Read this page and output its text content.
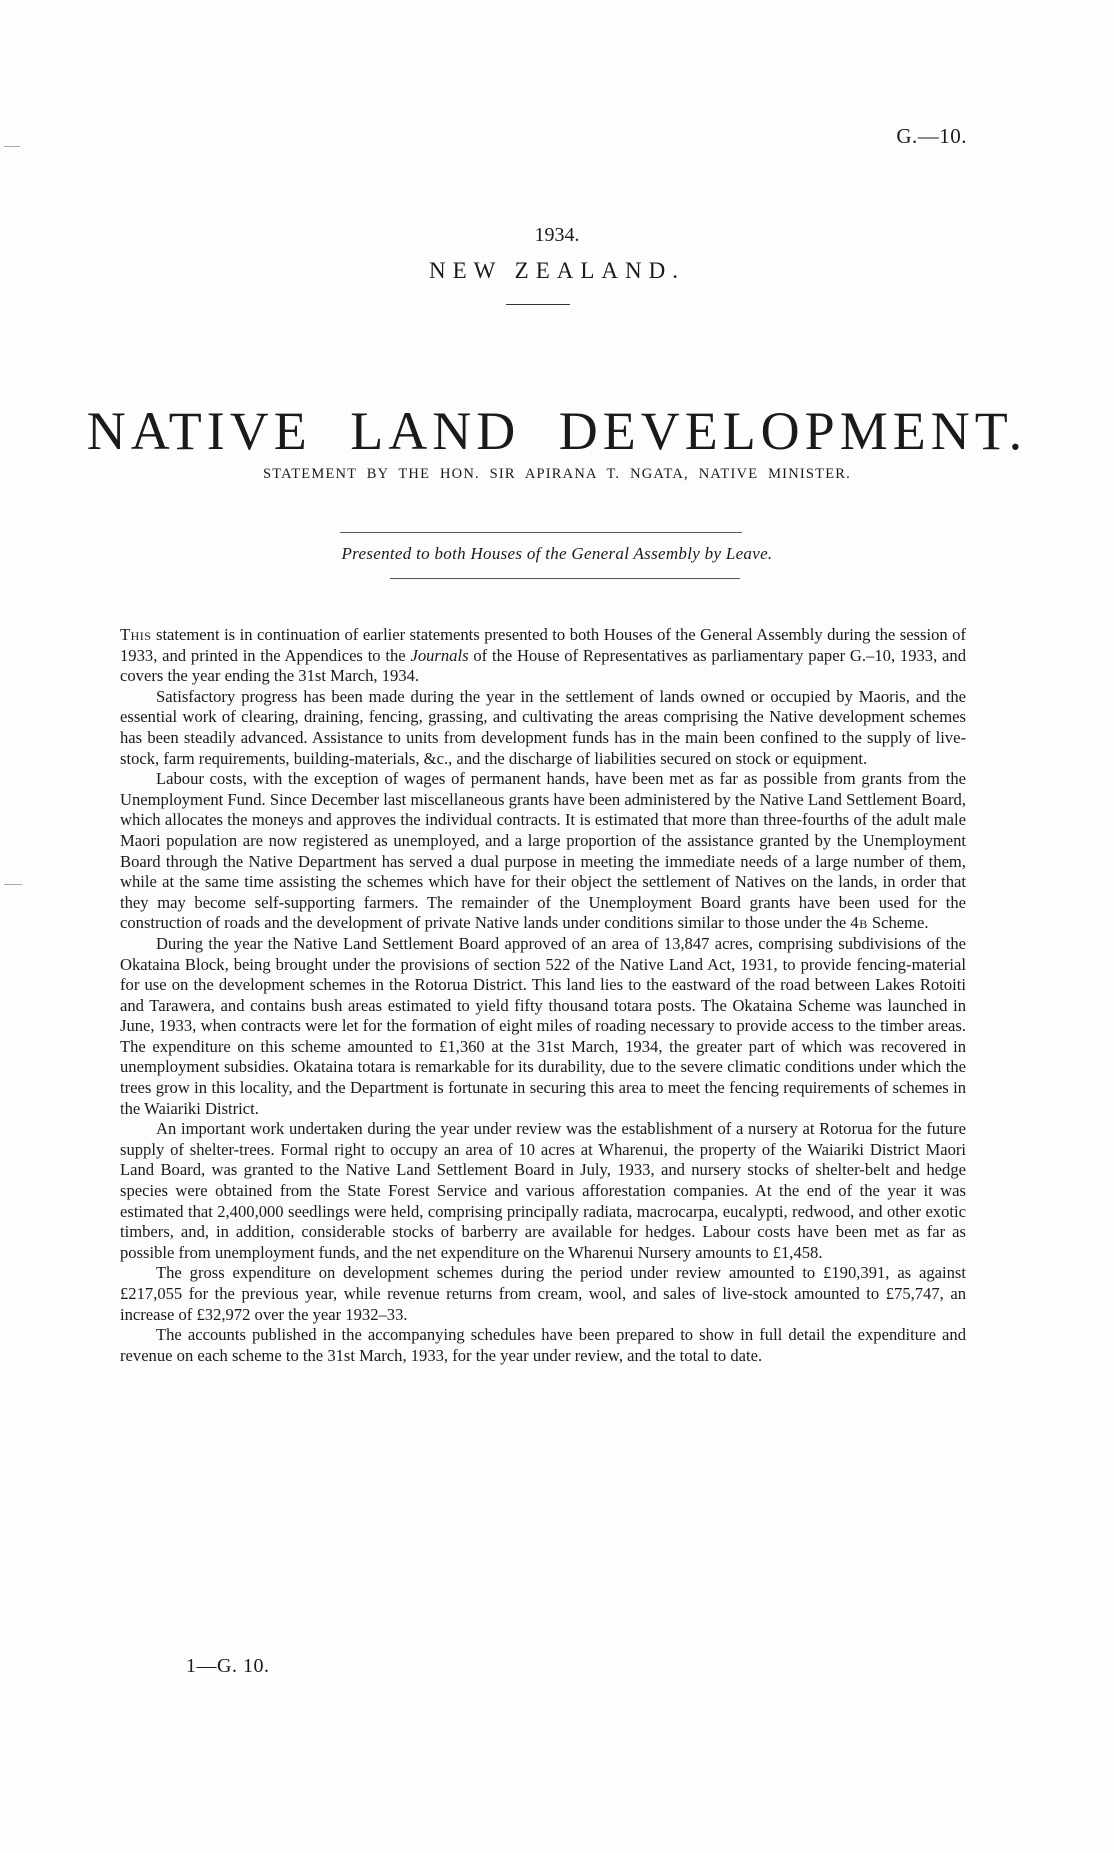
G.—10.
1934.
NEW ZEALAND.
NATIVE LAND DEVELOPMENT.
STATEMENT BY THE HON. SIR APIRANA T. NGATA, NATIVE MINISTER.
Presented to both Houses of the General Assembly by Leave.

This statement is in continuation of earlier statements presented to both Houses of the General Assembly during the session of 1933, and printed in the Appendices to the Journals of the House of Representatives as parliamentary paper G.–10, 1933, and covers the year ending the 31st March, 1934.

Satisfactory progress has been made during the year in the settlement of lands owned or occupied by Maoris, and the essential work of clearing, draining, fencing, grassing, and cultivating the areas comprising the Native development schemes has been steadily advanced. Assistance to units from development funds has in the main been confined to the supply of live-stock, farm requirements, building-materials, &c., and the discharge of liabilities secured on stock or equipment.

Labour costs, with the exception of wages of permanent hands, have been met as far as possible from grants from the Unemployment Fund. Since December last miscellaneous grants have been administered by the Native Land Settlement Board, which allocates the moneys and approves the individual contracts. It is estimated that more than three-fourths of the adult male Maori population are now registered as unemployed, and a large proportion of the assistance granted by the Unemployment Board through the Native Department has served a dual purpose in meeting the immediate needs of a large number of them, while at the same time assisting the schemes which have for their object the settlement of Natives on the lands, in order that they may become self-supporting farmers. The remainder of the Unemployment Board grants have been used for the construction of roads and the development of private Native lands under conditions similar to those under the 4b Scheme.

During the year the Native Land Settlement Board approved of an area of 13,847 acres, comprising subdivisions of the Okataina Block, being brought under the provisions of section 522 of the Native Land Act, 1931, to provide fencing-material for use on the development schemes in the Rotorua District. This land lies to the eastward of the road between Lakes Rotoiti and Tarawera, and contains bush areas estimated to yield fifty thousand totara posts. The Okataina Scheme was launched in June, 1933, when contracts were let for the formation of eight miles of roading necessary to provide access to the timber areas. The expenditure on this scheme amounted to £1,360 at the 31st March, 1934, the greater part of which was recovered in unemployment subsidies. Okataina totara is remarkable for its durability, due to the severe climatic conditions under which the trees grow in this locality, and the Department is fortunate in securing this area to meet the fencing requirements of schemes in the Waiariki District.

An important work undertaken during the year under review was the establishment of a nursery at Rotorua for the future supply of shelter-trees. Formal right to occupy an area of 10 acres at Wharenui, the property of the Waiariki District Maori Land Board, was granted to the Native Land Settlement Board in July, 1933, and nursery stocks of shelter-belt and hedge species were obtained from the State Forest Service and various afforestation companies. At the end of the year it was estimated that 2,400,000 seedlings were held, comprising principally radiata, macrocarpa, eucalypti, redwood, and other exotic timbers, and, in addition, considerable stocks of barberry are available for hedges. Labour costs have been met as far as possible from unemployment funds, and the net expenditure on the Wharenui Nursery amounts to £1,458.

The gross expenditure on development schemes during the period under review amounted to £190,391, as against £217,055 for the previous year, while revenue returns from cream, wool, and sales of live-stock amounted to £75,747, an increase of £32,972 over the year 1932–33.

The accounts published in the accompanying schedules have been prepared to show in full detail the expenditure and revenue on each scheme to the 31st March, 1933, for the year under review, and the total to date.

1—G. 10.
